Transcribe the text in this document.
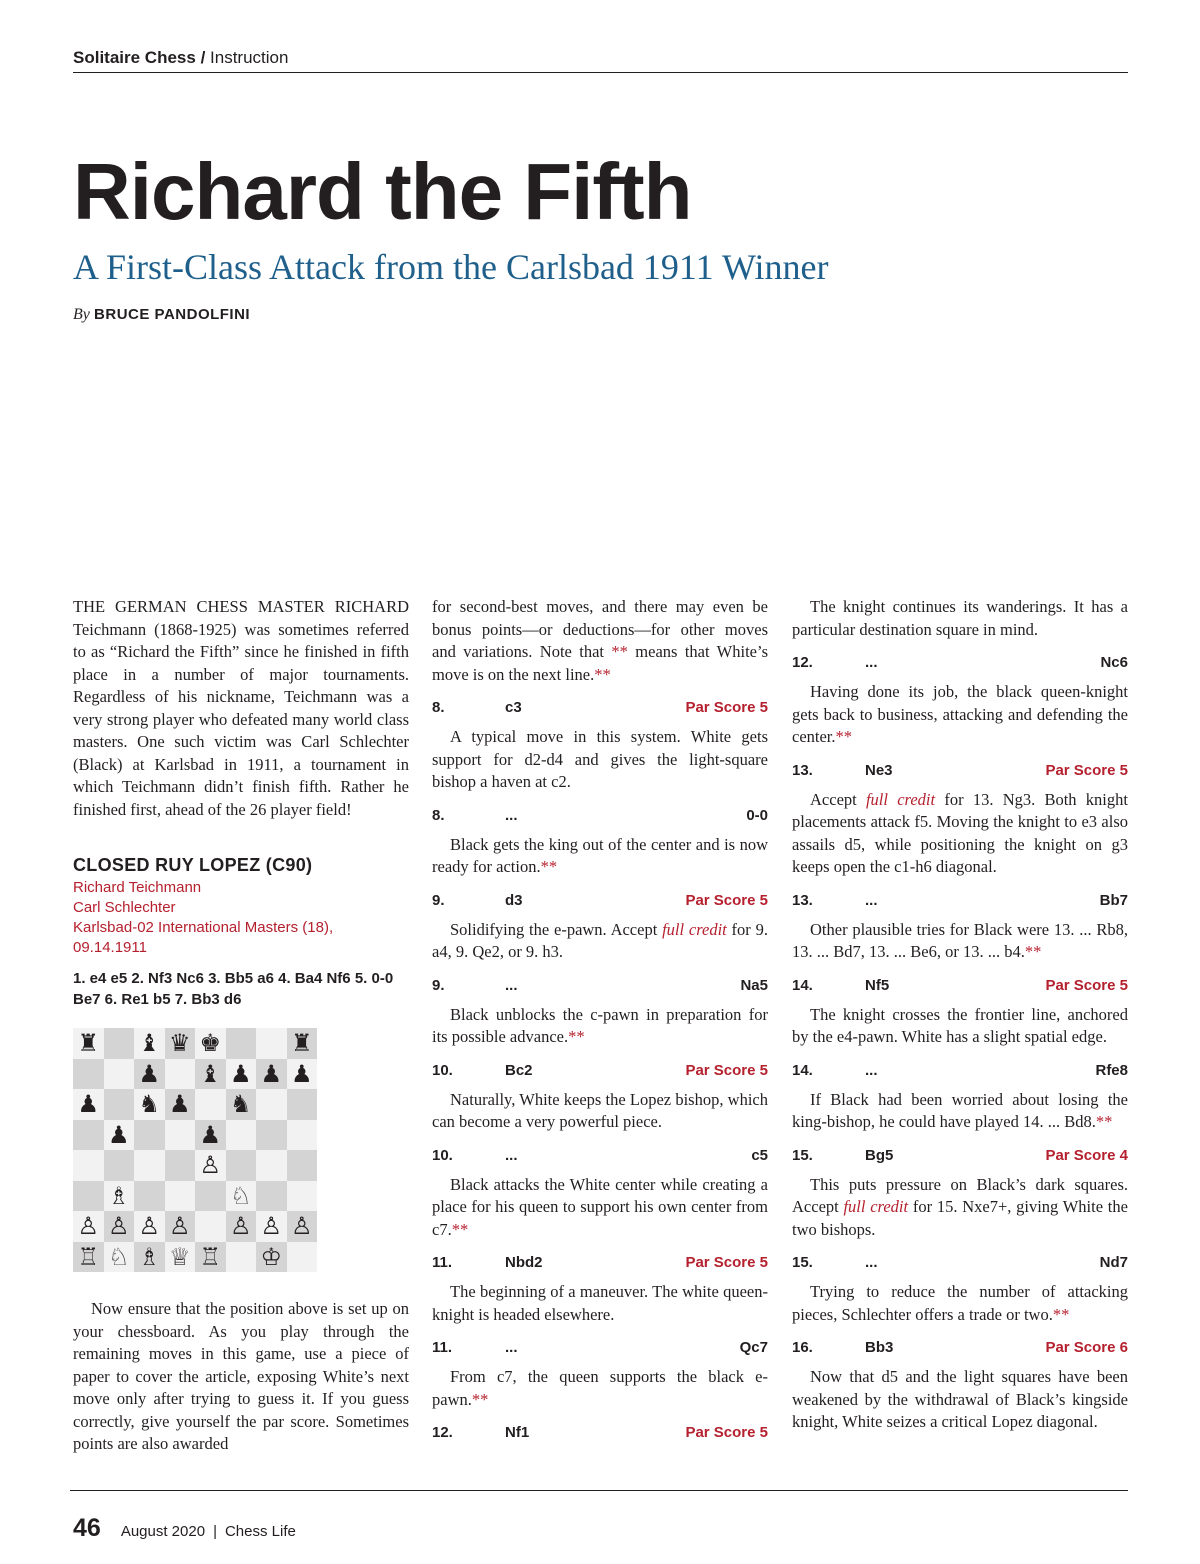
Solitaire Chess / Instruction
Richard the Fifth
A First-Class Attack from the Carlsbad 1911 Winner
By BRUCE PANDOLFINI

THE GERMAN CHESS MASTER RICHARD Teichmann (1868-1925) was sometimes referred to as “Richard the Fifth” since he finished in fifth place in a number of major tournaments. Regardless of his nickname, Teichmann was a very strong player who defeated many world class masters. One such victim was Carl Schlechter (Black) at Karlsbad in 1911, a tournament in which Teichmann didn’t finish fifth. Rather he finished first, ahead of the 26 player field!

CLOSED RUY LOPEZ (C90)
Richard Teichmann
Carl Schlechter
Karlsbad-02 International Masters (18),
09.14.1911
1. e4 e5 2. Nf3 Nc6 3. Bb5 a6 4. Ba4 Nf6 5. 0-0 Be7 6. Re1 b5 7. Bb3 d6
♜ ♝ ♛ ♚	♜
♟ ♝ ♟ ♟ ♟
♟ ♞ ♟ ♞
♟	♟
♙
♗	♘
♙ ♙ ♙ ♙ ♙ ♙ ♙
♖ ♘ ♗ ♕ ♖ ♔

Now ensure that the position above is set up on your chessboard. As you play through the remaining moves in this game, use a piece of paper to cover the article, exposing White’s next move only after trying to guess it. If you guess correctly, give yourself the par score. Sometimes points are also awarded

for second-best moves, and there may even be bonus points—or deductions—for other moves and variations. Note that ** means that White’s move is on the next line.**

8.	c3	Par Score 5

A typical move in this system. White gets support for d2-d4 and gives the light-square bishop a haven at c2.

8.	...	0-0

Black gets the king out of the center and is now ready for action.**

9.	d3	Par Score 5

Solidifying the e-pawn. Accept full credit for 9. a4, 9. Qe2, or 9. h3.

9.	...	Na5

Black unblocks the c-pawn in preparation for its possible advance.**

10.	Bc2	Par Score 5

Naturally, White keeps the Lopez bishop, which can become a very powerful piece.

10.	...	c5

Black attacks the White center while creating a place for his queen to support his own center from c7.**

11.	Nbd2	Par Score 5

The beginning of a maneuver. The white queen-knight is headed elsewhere.

11.	...	Qc7

From c7, the queen supports the black e-pawn.**

12.	Nf1	Par Score 5

The knight continues its wanderings. It has a particular destination square in mind.

12.	...	Nc6

Having done its job, the black queen-knight gets back to business, attacking and defending the center.**

13.	Ne3	Par Score 5

Accept full credit for 13. Ng3. Both knight placements attack f5. Moving the knight to e3 also assails d5, while positioning the knight on g3 keeps open the c1-h6 diagonal.

13.	...	Bb7

Other plausible tries for Black were 13. ... Rb8, 13. ... Bd7, 13. ... Be6, or 13. ... b4.**

14.	Nf5	Par Score 5

The knight crosses the frontier line, anchored by the e4-pawn. White has a slight spatial edge.

14.	...	Rfe8

If Black had been worried about losing the king-bishop, he could have played 14. ... Bd8.**

15.	Bg5	Par Score 4

This puts pressure on Black’s dark squares. Accept full credit for 15. Nxe7+, giving White the two bishops.

15.	...	Nd7

Trying to reduce the number of attacking pieces, Schlechter offers a trade or two.**

16.	Bb3	Par Score 6

Now that d5 and the light squares have been weakened by the withdrawal of Black’s kingside knight, White seizes a critical Lopez diagonal.

46 August 2020 | Chess Life
